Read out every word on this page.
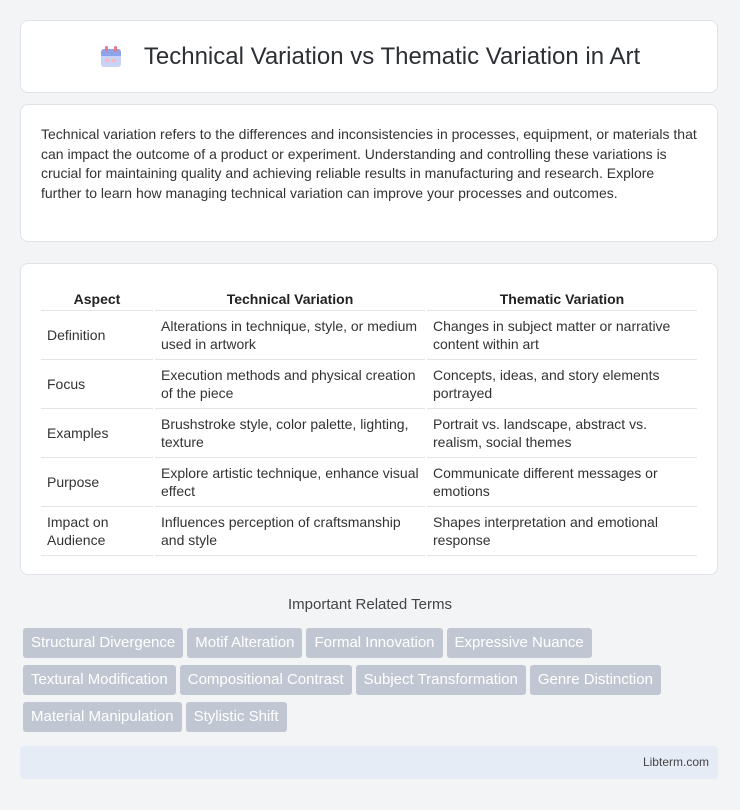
Technical Variation vs Thematic Variation in Art

Technical variation refers to the differences and inconsistencies in processes, equipment, or materials that can impact the outcome of a product or experiment. Understanding and controlling these variations is crucial for maintaining quality and achieving reliable results in manufacturing and research. Explore further to learn how managing technical variation can improve your processes and outcomes.

Aspect	Technical Variation	Thematic Variation
Definition	Alterations in technique, style, or medium used in artwork	Changes in subject matter or narrative content within art
Focus	Execution methods and physical creation of the piece	Concepts, ideas, and story elements portrayed
Examples	Brushstroke style, color palette, lighting, texture	Portrait vs. landscape, abstract vs. realism, social themes
Purpose	Explore artistic technique, enhance visual effect	Communicate different messages or emotions
Impact on Audience	Influences perception of craftsmanship and style	Shapes interpretation and emotional response
Important Related Terms
Structural Divergence Motif Alteration Formal Innovation Expressive Nuance
Textural Modification Compositional Contrast Subject Transformation Genre Distinction
Material Manipulation Stylistic Shift
Libterm.com
